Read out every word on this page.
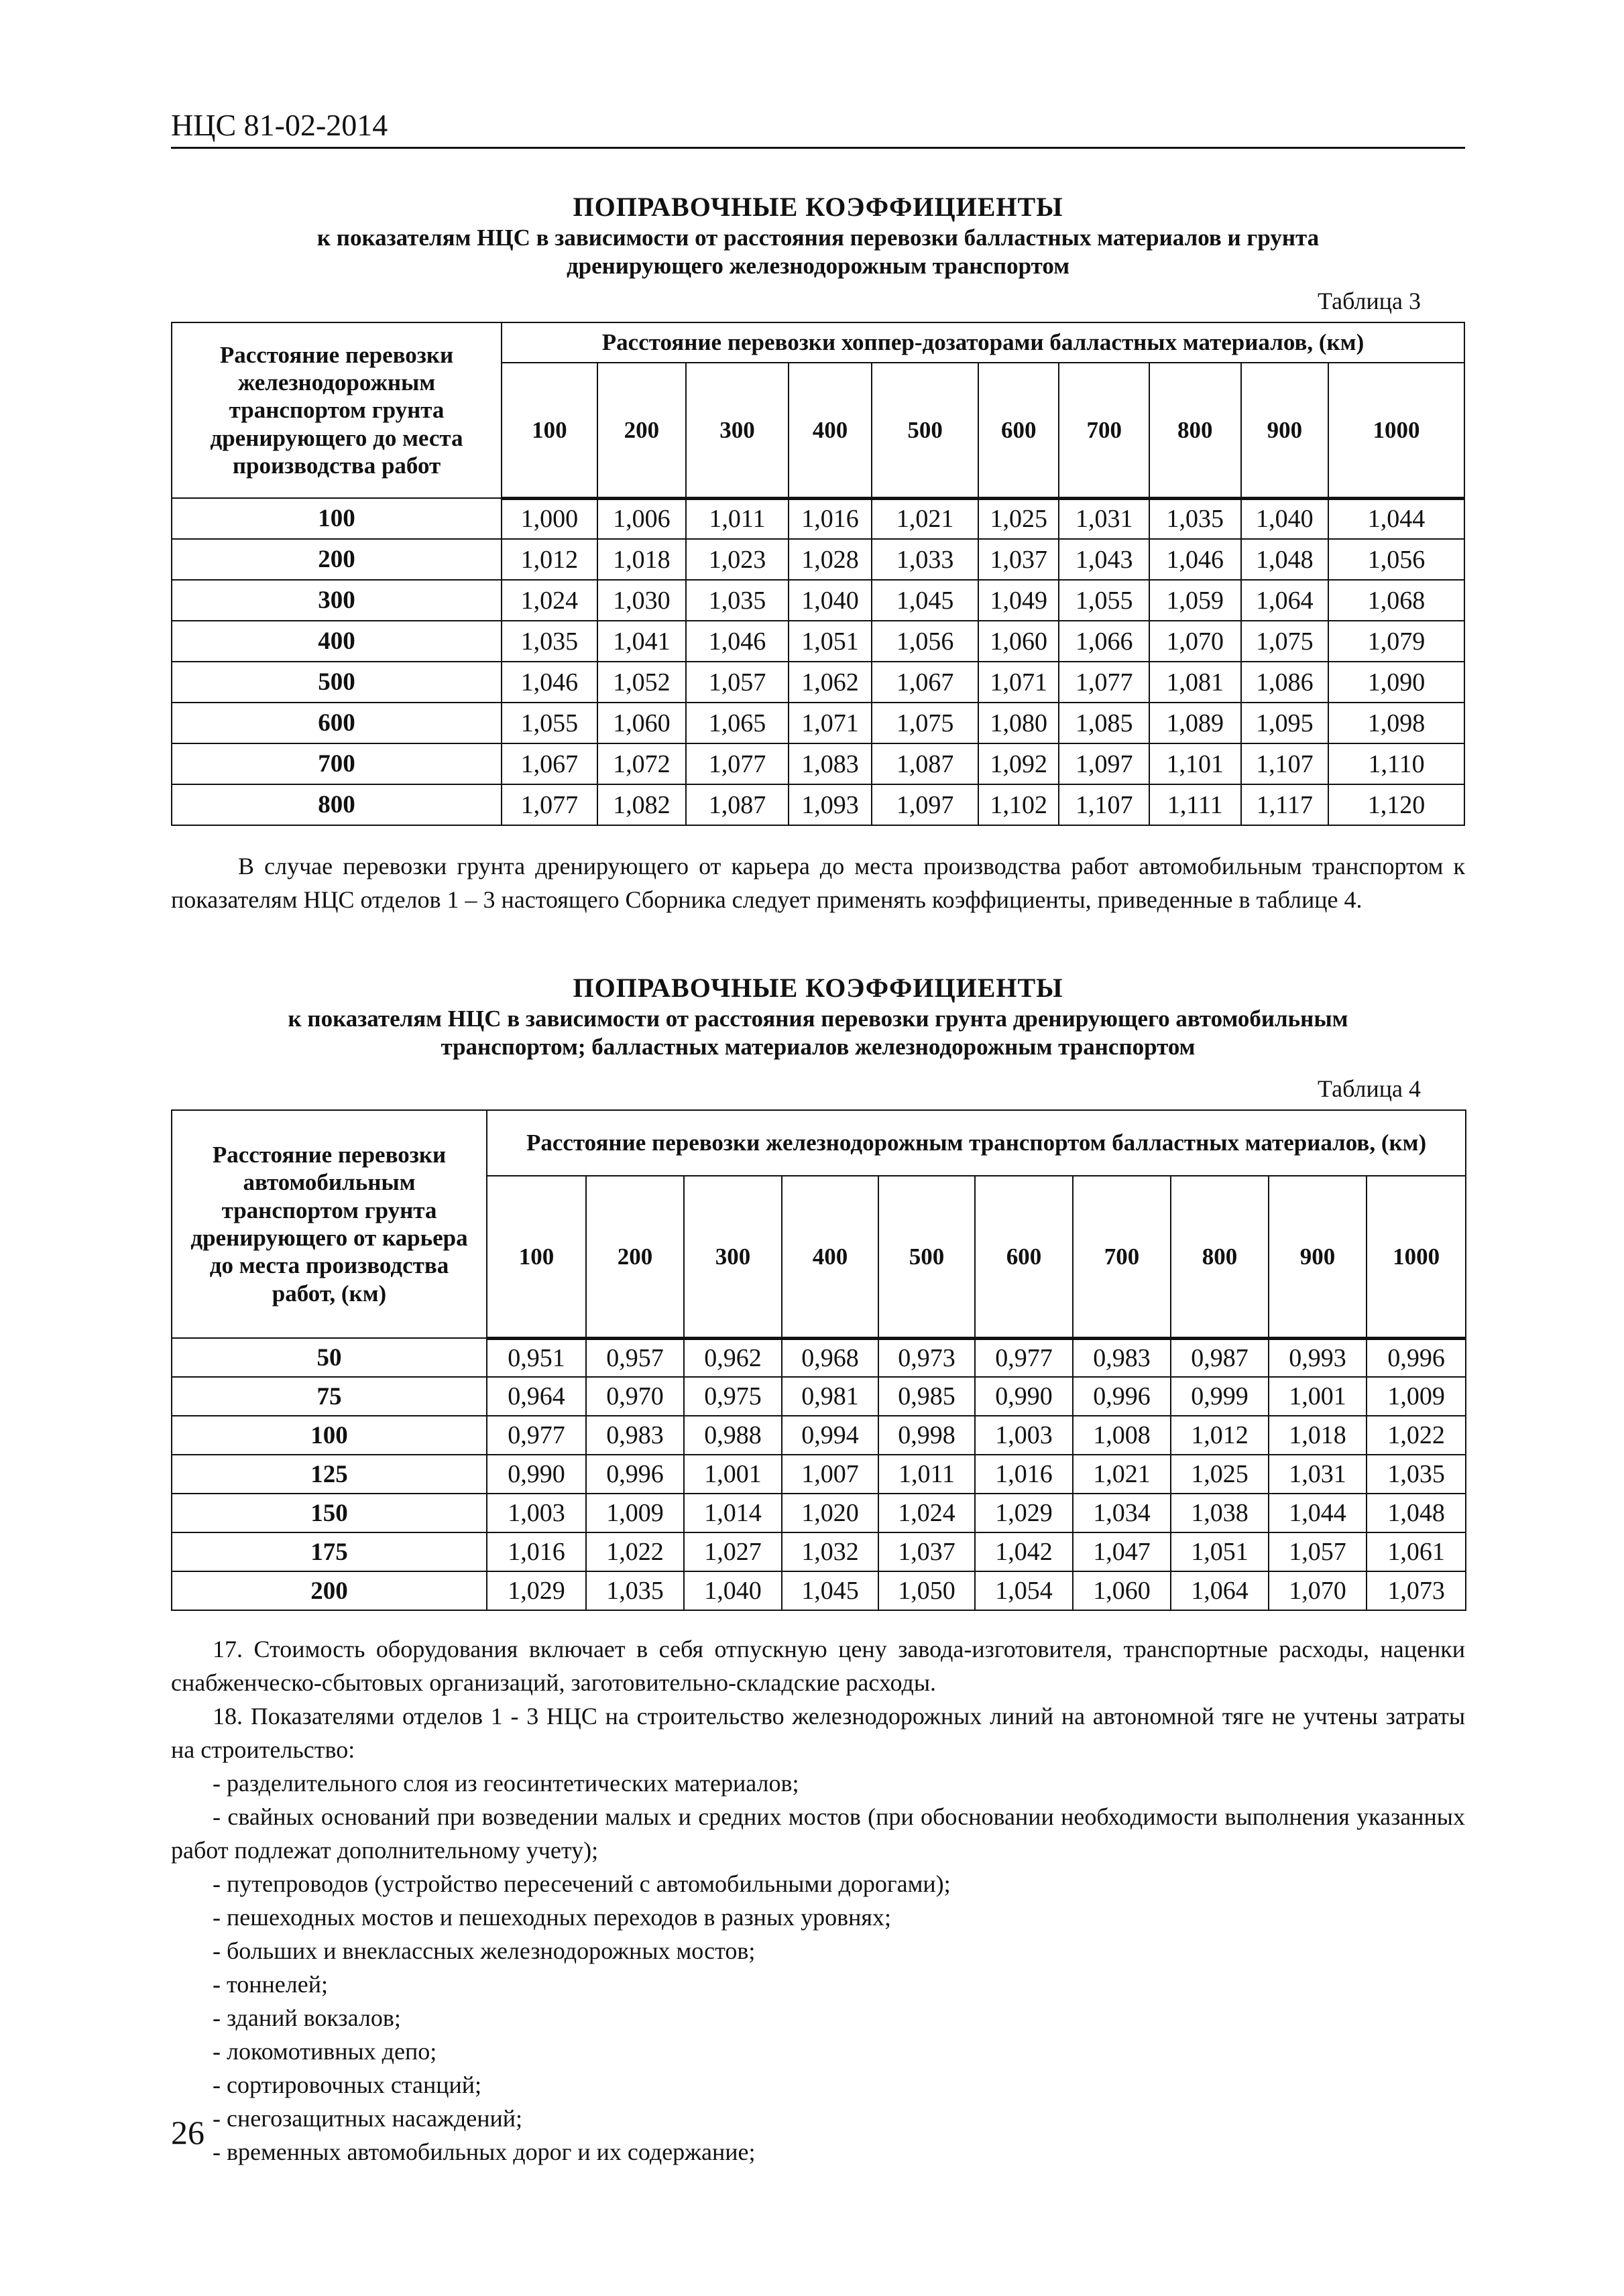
НЦС 81-02-2014
ПОПРАВОЧНЫЕ КОЭФФИЦИЕНТЫ
к показателям НЦС в зависимости от расстояния перевозки балластных материалов и грунта
дренирующего железнодорожным транспортом
Таблица 3
Расстояние перевозки железнодорожным транспортом грунта дренирующего до места производства работ	Расстояние перевозки хоппер-дозаторами балластных материалов, (км)									
	100	200	300	400	500	600	700	800	900	1000
100	1,000	1,006	1,011	1,016	1,021	1,025	1,031	1,035	1,040	1,044
200	1,012	1,018	1,023	1,028	1,033	1,037	1,043	1,046	1,048	1,056
300	1,024	1,030	1,035	1,040	1,045	1,049	1,055	1,059	1,064	1,068
400	1,035	1,041	1,046	1,051	1,056	1,060	1,066	1,070	1,075	1,079
500	1,046	1,052	1,057	1,062	1,067	1,071	1,077	1,081	1,086	1,090
600	1,055	1,060	1,065	1,071	1,075	1,080	1,085	1,089	1,095	1,098
700	1,067	1,072	1,077	1,083	1,087	1,092	1,097	1,101	1,107	1,110
800	1,077	1,082	1,087	1,093	1,097	1,102	1,107	1,111	1,117	1,120

В случае перевозки грунта дренирующего от карьера до места производства работ автомобильным транспортом к показателям НЦС отделов 1 – 3 настоящего Сборника следует применять коэффициенты, приведенные в таблице 4.

ПОПРАВОЧНЫЕ КОЭФФИЦИЕНТЫ
к показателям НЦС в зависимости от расстояния перевозки грунта дренирующего автомобильным
транспортом; балластных материалов железнодорожным транспортом
Таблица 4
Расстояние перевозки автомобильным транспортом грунта дренирующего от карьера до места производства работ, (км)	Расстояние перевозки железнодорожным транспортом балластных материалов, (км)									
	100	200	300	400	500	600	700	800	900	1000
50	0,951	0,957	0,962	0,968	0,973	0,977	0,983	0,987	0,993	0,996
75	0,964	0,970	0,975	0,981	0,985	0,990	0,996	0,999	1,001	1,009
100	0,977	0,983	0,988	0,994	0,998	1,003	1,008	1,012	1,018	1,022
125	0,990	0,996	1,001	1,007	1,011	1,016	1,021	1,025	1,031	1,035
150	1,003	1,009	1,014	1,020	1,024	1,029	1,034	1,038	1,044	1,048
175	1,016	1,022	1,027	1,032	1,037	1,042	1,047	1,051	1,057	1,061
200	1,029	1,035	1,040	1,045	1,050	1,054	1,060	1,064	1,070	1,073

17. Стоимость оборудования включает в себя отпускную цену завода-изготовителя, транспортные расходы, наценки снабженческо-сбытовых организаций, заготовительно-складские расходы.

18. Показателями отделов 1 - 3 НЦС на строительство железнодорожных линий на автономной тяге не учтены затраты на строительство:

- разделительного слоя из геосинтетических материалов;

- свайных оснований при возведении малых и средних мостов (при обосновании необходимости выполнения указанных работ подлежат дополнительному учету);

- путепроводов (устройство пересечений с автомобильными дорогами);

- пешеходных мостов и пешеходных переходов в разных уровнях;

- больших и внеклассных железнодорожных мостов;

- тоннелей;

- зданий вокзалов;

- локомотивных депо;

- сортировочных станций;

- снегозащитных насаждений;

- временных автомобильных дорог и их содержание;

26
